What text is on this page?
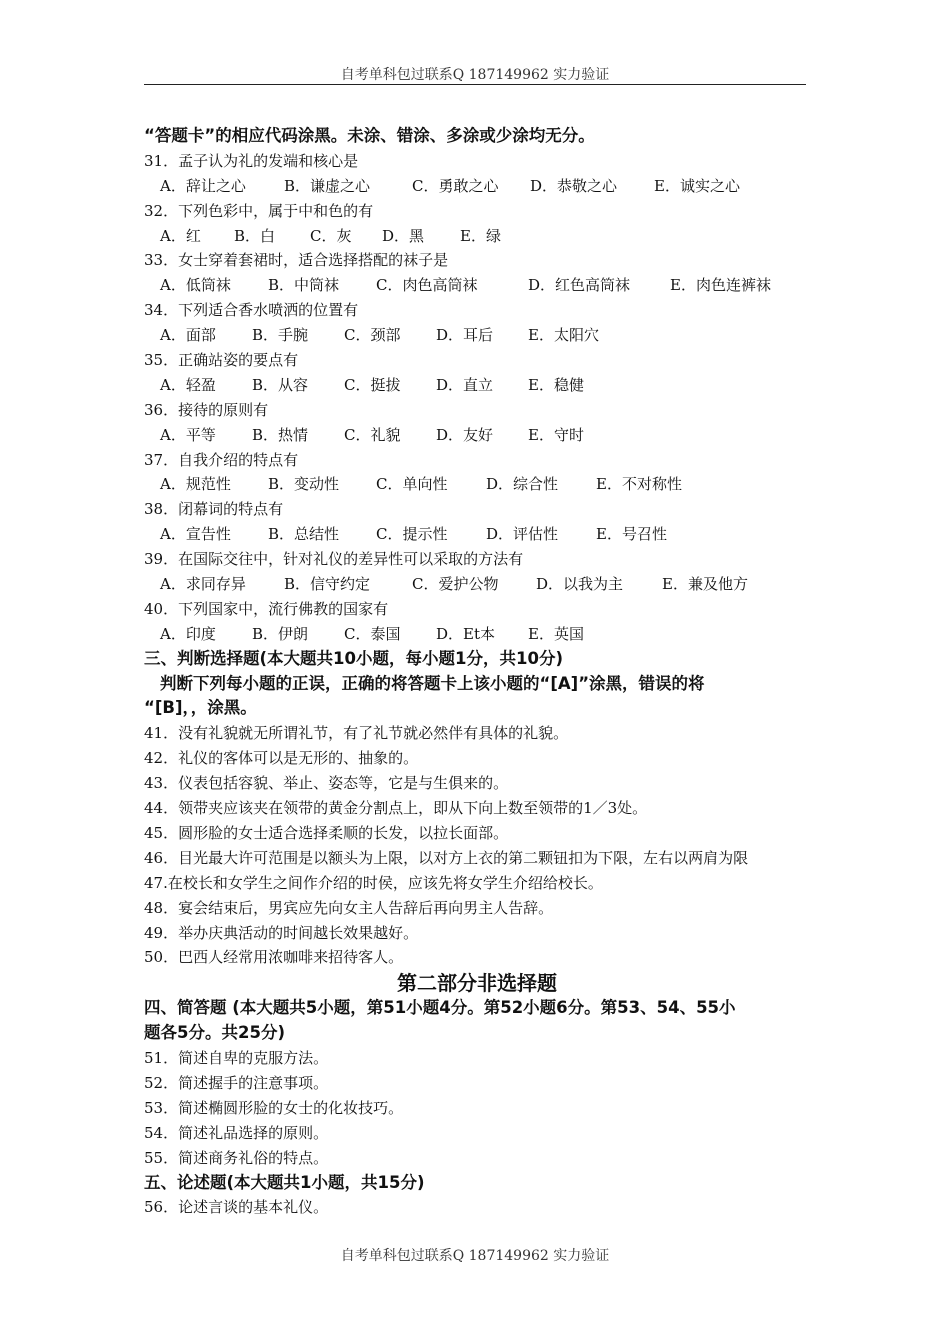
自考单科包过联系Q 187149962 实力验证
“答题卡”的相应代码涂黑。未涂、错涂、多涂或少涂均无分。
31．孟子认为礼的发端和核心是
A．辞让之心	B．谦虚之心	C．勇敢之心 D．恭敬之心 E．诚实之心
32．下列色彩中，属于中和色的有
A．红 B．白 C．灰 D．黑 E．绿
33．女士穿着套裙时，适合选择搭配的袜子是
A．低筒袜 B．中筒袜 C．肉色高筒袜	D．红色高筒袜	E．肉色连裤袜
34．下列适合香水喷洒的位置有
A．面部 B．手腕 C．颈部 D．耳后 E．太阳穴
35．正确站姿的要点有
A．轻盈 B．从容 C．挺拔 D．直立 E．稳健
36．接待的原则有
A．平等 B．热情 C．礼貌 D．友好 E．守时
37．自我介绍的特点有
A．规范性 B．变动性 C．单向性	D．综合性	E．不对称性
38．闭幕词的特点有
A．宣告性 B．总结性 C．提示性	D．评估性	E．号召性
39．在国际交往中，针对礼仪的差异性可以采取的方法有
A．求同存异	B．信守约定	C．爱护公物	D．以我为主	E．兼及他方
40．下列国家中，流行佛教的国家有
A．印度 B．伊朗 C．泰国 D．Et本 E．英国
三、判断选择题(本大题共10小题，每小题1分，共10分)
判断下列每小题的正误，正确的将答题卡上该小题的“[A]”涂黑，错误的将
“[B]，，涂黑。
41．没有礼貌就无所谓礼节，有了礼节就必然伴有具体的礼貌。
42．礼仪的客体可以是无形的、抽象的。
43．仪表包括容貌、举止、姿态等，它是与生俱来的。
44．领带夹应该夹在领带的黄金分割点上，即从下向上数至领带的1／3处。
45．圆形脸的女士适合选择柔顺的长发，以拉长面部。
46．目光最大许可范围是以额头为上限，以对方上衣的第二颗钮扣为下限，左右以两肩为限
47.在校长和女学生之间作介绍的时侯，应该先将女学生介绍给校长。
48．宴会结束后，男宾应先向女主人告辞后再向男主人告辞。
49．举办庆典活动的时间越长效果越好。
50．巴西人经常用浓咖啡来招待客人。
第二部分非选择题
四、简答题 (本大题共5小题，第51小题4分。第52小题6分。第53、54、55小
题各5分。共25分)
51．简述自卑的克服方法。
52．简述握手的注意事项。
53．简述椭圆形脸的女士的化妆技巧。
54．简述礼品选择的原则。
55．简述商务礼俗的特点。
五、论述题(本大题共1小题，共15分)
56．论述言谈的基本礼仪。
自考单科包过联系Q 187149962 实力验证
